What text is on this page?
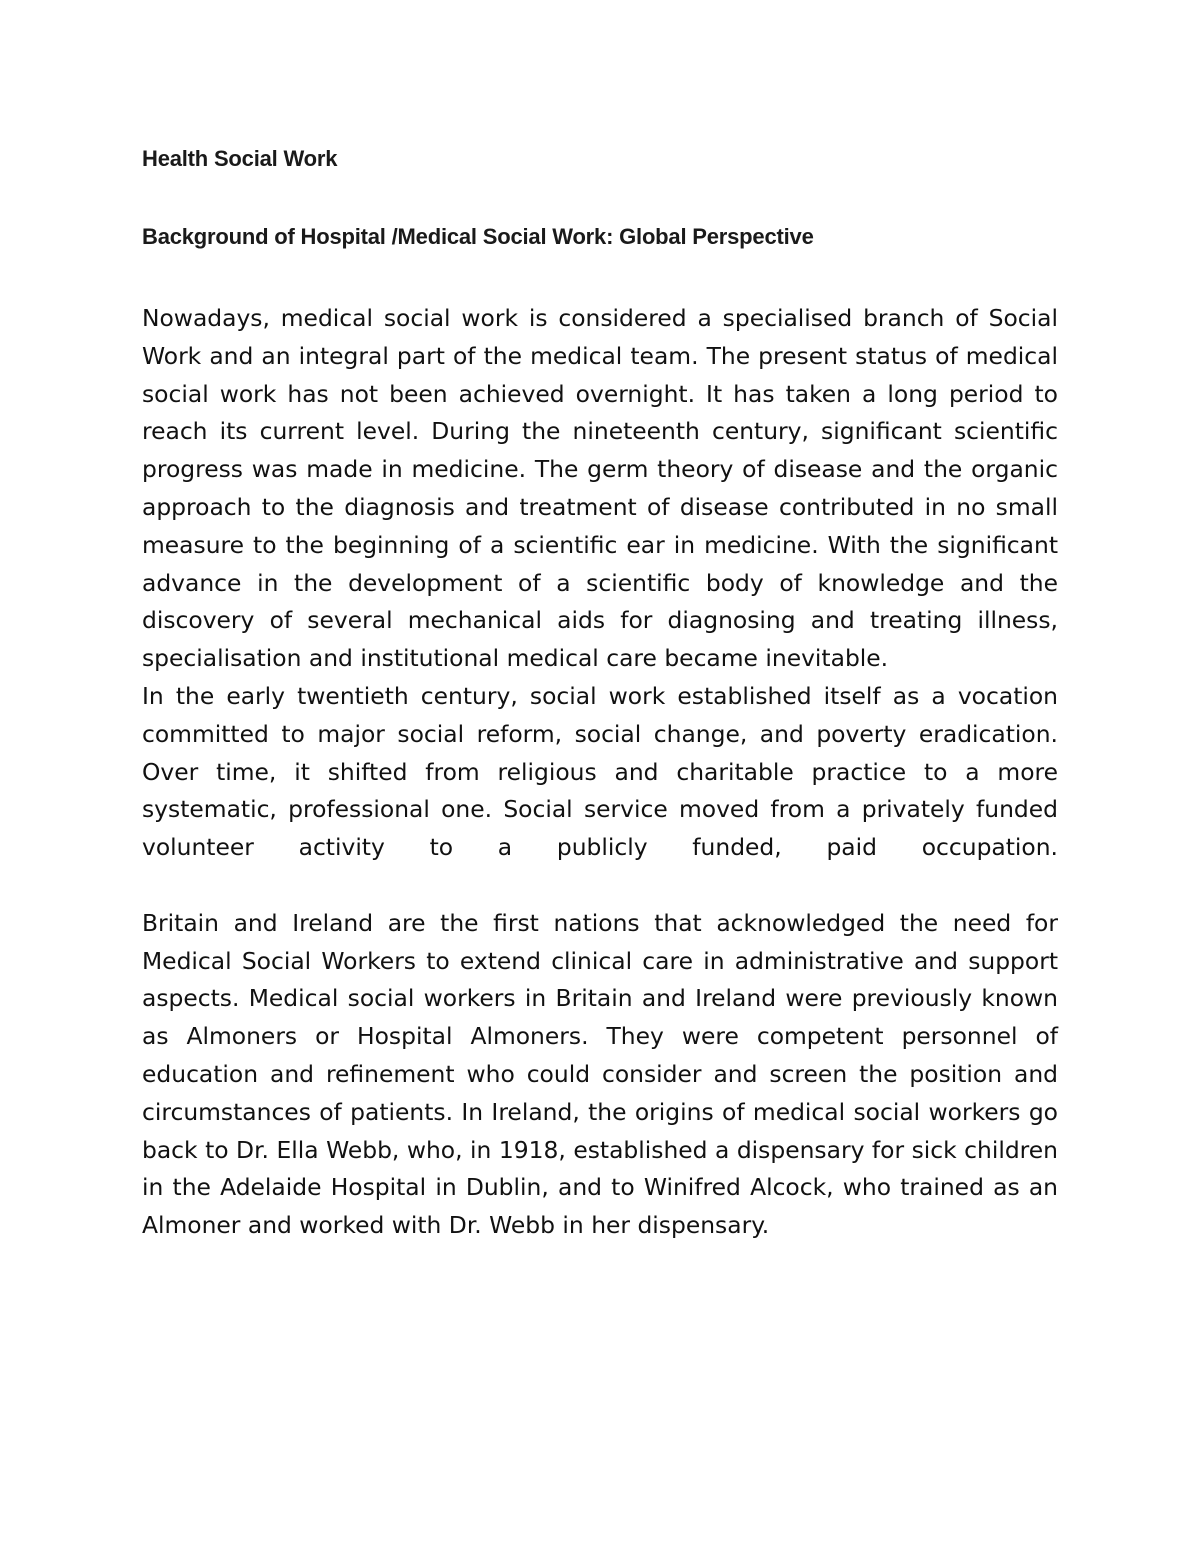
Health Social Work
Background of Hospital /Medical Social Work: Global Perspective

Nowadays, medical social work is considered a specialised branch of Social Work and an integral part of the medical team. The present status of medical social work has not been achieved overnight. It has taken a long period to reach its current level. During the nineteenth century, significant scientific progress was made in medicine. The germ theory of disease and the organic approach to the diagnosis and treatment of disease contributed in no small measure to the beginning of a scientific ear in medicine. With the significant advance in the development of a scientific body of knowledge and the discovery of several mechanical aids for diagnosing and treating illness, specialisation and institutional medical care became inevitable.

In the early twentieth century, social work established itself as a vocation committed to major social reform, social change, and poverty eradication. Over time, it shifted from religious and charitable practice to a more systematic, professional one. Social service moved from a privately funded volunteer activity to a publicly funded, paid occupation.

Britain and Ireland are the first nations that acknowledged the need for Medical Social Workers to extend clinical care in administrative and support aspects. Medical social workers in Britain and Ireland were previously known as Almoners or Hospital Almoners. They were competent personnel of education and refinement who could consider and screen the position and circumstances of patients. In Ireland, the origins of medical social workers go back to Dr. Ella Webb, who, in 1918, established a dispensary for sick children in the Adelaide Hospital in Dublin, and to Winifred Alcock, who trained as an Almoner and worked with Dr. Webb in her dispensary.
